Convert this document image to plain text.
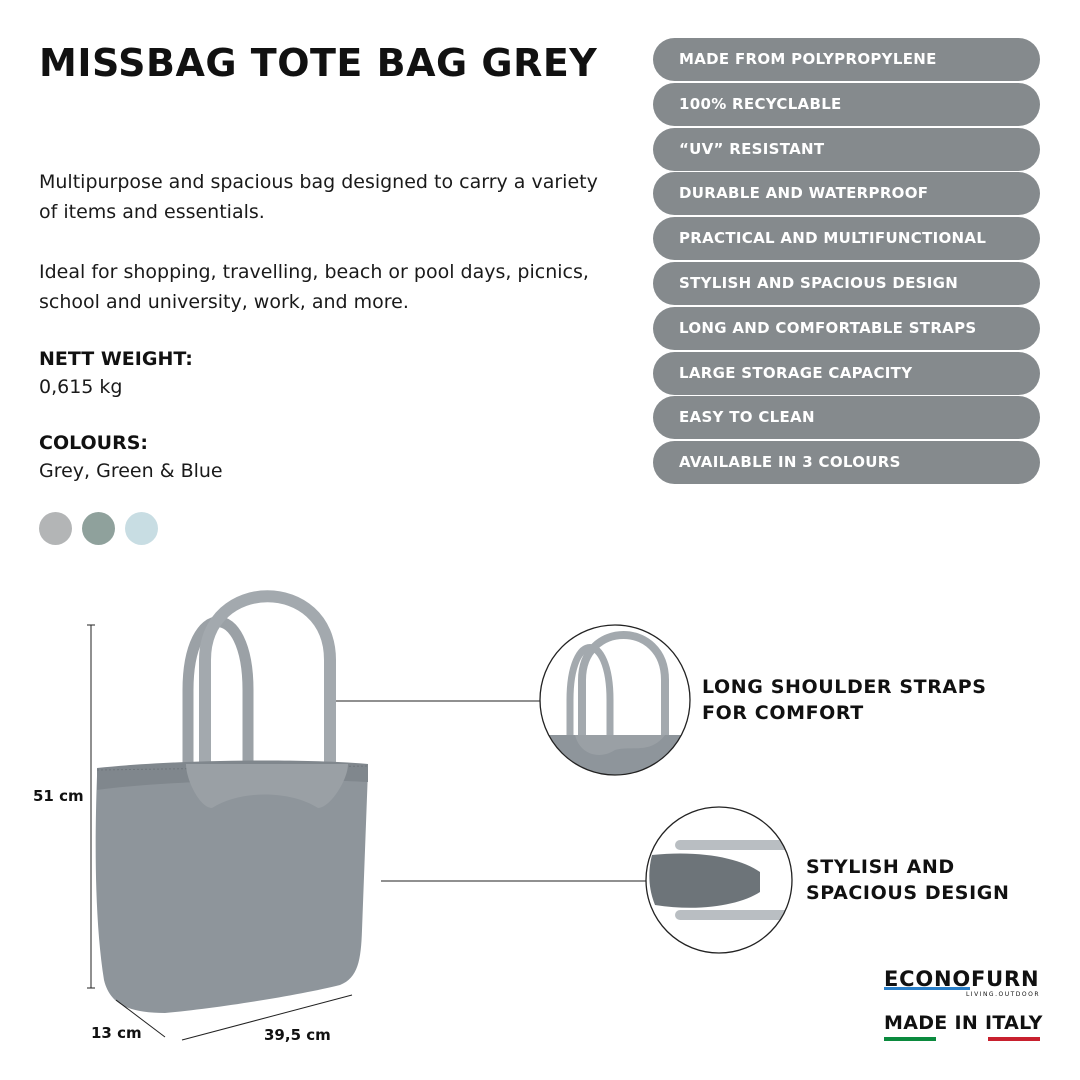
MISSBAG TOTE BAG GREY

Multipurpose and spacious bag designed to carry a variety of items and essentials.

Ideal for shopping, travelling, beach or pool days, picnics, school and university, work, and more.

NETT WEIGHT:

0,615 kg

COLOURS:

Grey, Green & Blue

MADE FROM POLYPROPYLENE
100% RECYCLABLE
“UV” RESISTANT
DURABLE AND WATERPROOF
PRACTICAL AND MULTIFUNCTIONAL
STYLISH AND SPACIOUS DESIGN
LONG AND COMFORTABLE STRAPS
LARGE STORAGE CAPACITY
EASY TO CLEAN
AVAILABLE IN 3 COLOURS

LONG SHOULDER STRAPS FOR COMFORT

STYLISH AND SPACIOUS DESIGN

51 cm

13 cm	39,5 cm

ECONOFURN
LIVING.OUTDOOR
MADE IN ITALY
